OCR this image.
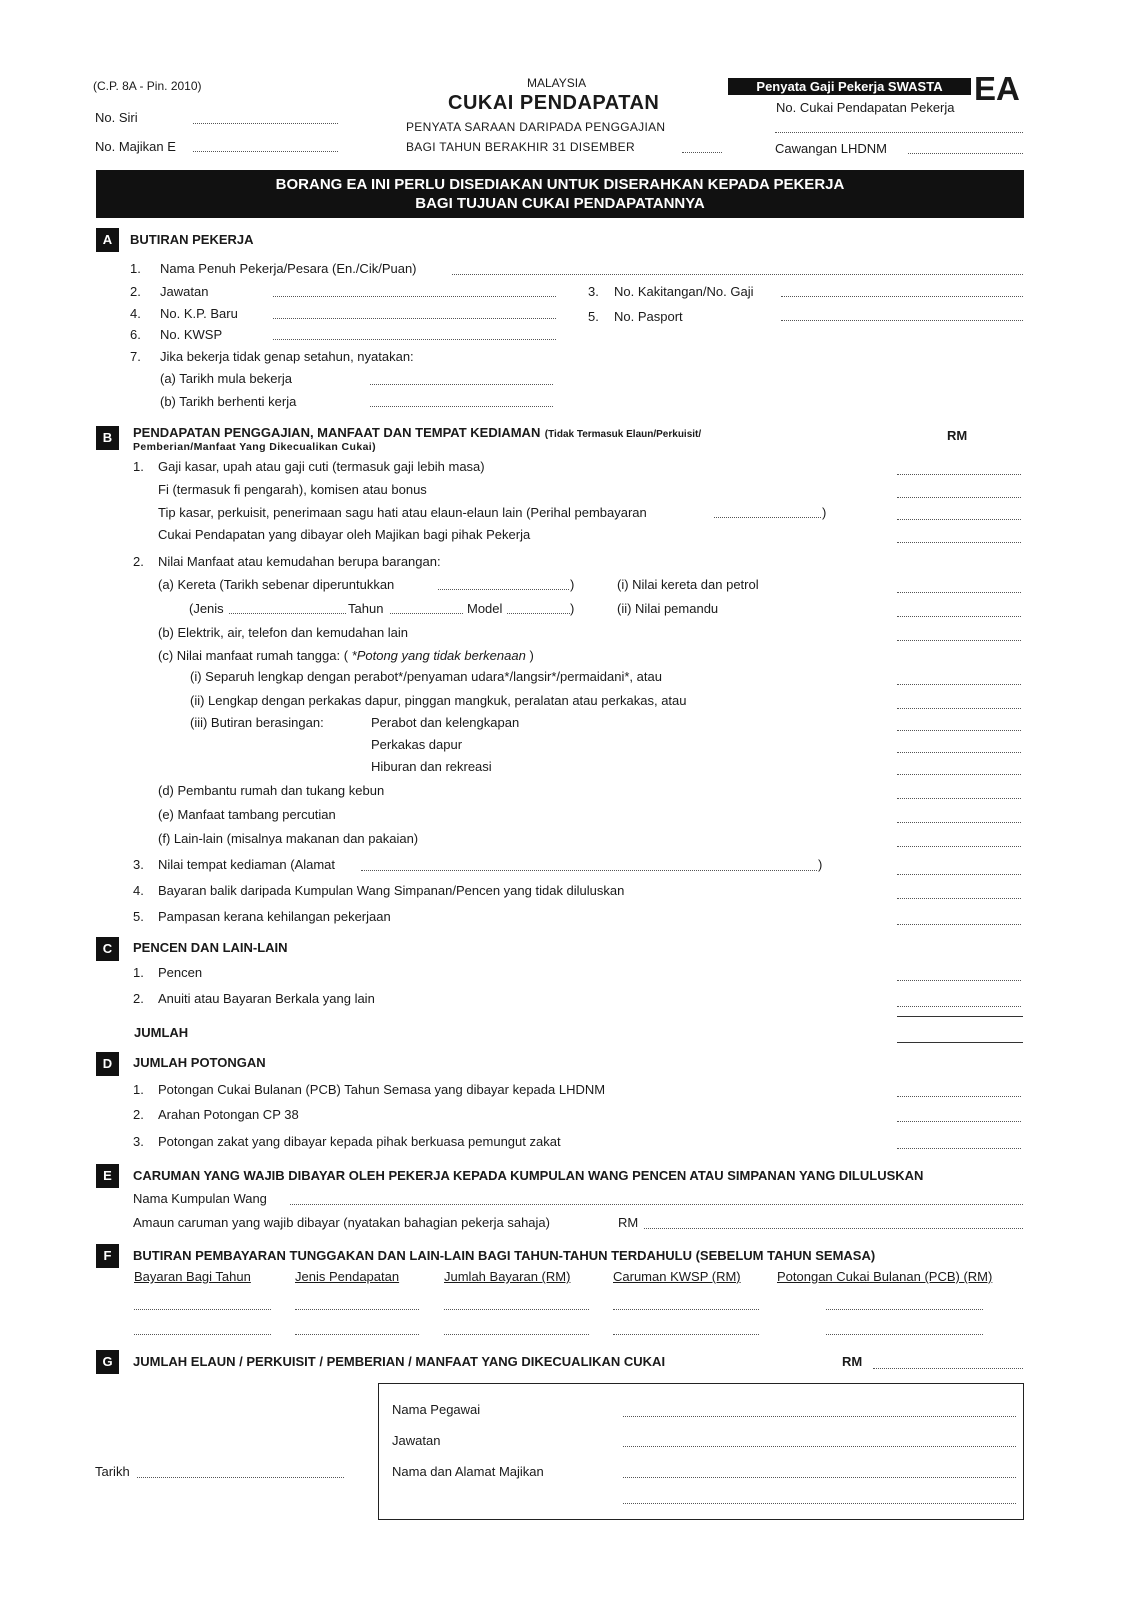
(C.P. 8A - Pin. 2010)
No. Siri
No. Majikan E
MALAYSIA
CUKAI PENDAPATAN
PENYATA SARAAN DARIPADA PENGGAJIAN
BAGI TAHUN BERAKHIR 31 DISEMBER
Penyata Gaji Pekerja SWASTA EA
No. Cukai Pendapatan Pekerja
Cawangan LHDNM
BORANG EA INI PERLU DISEDIAKAN UNTUK DISERAHKAN KEPADA PEKERJA
BAGI TUJUAN CUKAI PENDAPATANNYA
A	BUTIRAN PEKERJA
1. Nama Penuh Pekerja/Pesara (En./Cik/Puan)
2. Jawatan	3. No. Kakitangan/No. Gaji
4. No. K.P. Baru	5. No. Pasport
6. No. KWSP
7. Jika bekerja tidak genap setahun, nyatakan:
(a) Tarikh mula bekerja
(b) Tarikh berhenti kerja
B	PENDAPATAN PENGGAJIAN, MANFAAT DAN TEMPAT KEDIAMAN (Tidak Termasuk Elaun/Perkuisit/
Pemberian/Manfaat Yang Dikecualikan Cukai)
RM
1. Gaji kasar, upah atau gaji cuti (termasuk gaji lebih masa)
Fi (termasuk fi pengarah), komisen atau bonus
Tip kasar, perkuisit, penerimaan sagu hati atau elaun-elaun lain (Perihal pembayaran	)
Cukai Pendapatan yang dibayar oleh Majikan bagi pihak Pekerja
2. Nilai Manfaat atau kemudahan berupa barangan:
(a) Kereta (Tarikh sebenar diperuntukkan	)	(i) Nilai kereta dan petrol
(Jenis	Tahun	Model	)	(ii) Nilai pemandu
(b) Elektrik, air, telefon dan kemudahan lain
(c) Nilai manfaat rumah tangga: ( *Potong yang tidak berkenaan )
(i) Separuh lengkap dengan perabot*/penyaman udara*/langsir*/permaidani*, atau
(ii) Lengkap dengan perkakas dapur, pinggan mangkuk, peralatan atau perkakas, atau
(iii) Butiran berasingan:	Perabot dan kelengkapan
Perkakas dapur
Hiburan dan rekreasi
(d) Pembantu rumah dan tukang kebun
(e) Manfaat tambang percutian
(f) Lain-lain (misalnya makanan dan pakaian)
3. Nilai tempat kediaman (Alamat	)
4. Bayaran balik daripada Kumpulan Wang Simpanan/Pencen yang tidak diluluskan
5. Pampasan kerana kehilangan pekerjaan
C	PENCEN DAN LAIN-LAIN
1. Pencen
2. Anuiti atau Bayaran Berkala yang lain
JUMLAH
D	JUMLAH POTONGAN
1. Potongan Cukai Bulanan (PCB) Tahun Semasa yang dibayar kepada LHDNM
2. Arahan Potongan CP 38
3. Potongan zakat yang dibayar kepada pihak berkuasa pemungut zakat
E	CARUMAN YANG WAJIB DIBAYAR OLEH PEKERJA KEPADA KUMPULAN WANG PENCEN ATAU SIMPANAN YANG DILULUSKAN
Nama Kumpulan Wang
Amaun caruman yang wajib dibayar (nyatakan bahagian pekerja sahaja)	RM
F	BUTIRAN PEMBAYARAN TUNGGAKAN DAN LAIN-LAIN BAGI TAHUN-TAHUN TERDAHULU (SEBELUM TAHUN SEMASA)
Bayaran Bagi Tahun	Jenis Pendapatan	Jumlah Bayaran (RM)	Caruman KWSP (RM)	Potongan Cukai Bulanan (PCB) (RM)
G	JUMLAH ELAUN / PERKUISIT / PEMBERIAN / MANFAAT YANG DIKECUALIKAN CUKAI	RM
Tarikh
Nama Pegawai
Jawatan
Nama dan Alamat Majikan
